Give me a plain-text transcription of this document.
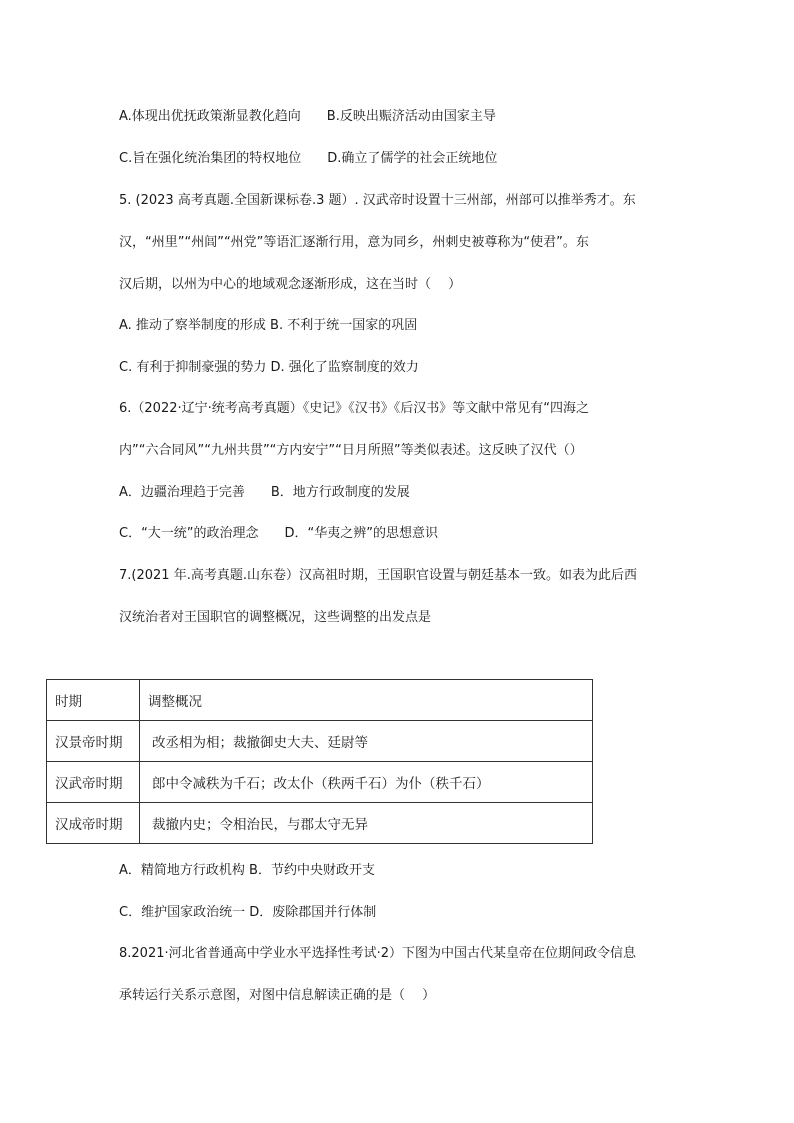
A.体现出优抚政策渐显教化趋向　　B.反映出赈济活动由国家主导
C.旨在强化统治集团的特权地位　　D.确立了儒学的社会正统地位
5. (2023 高考真题.全国新课标卷.3 题）. 汉武帝时设置十三州部，州部可以推举秀才。东
汉，“州里”“州闾”“州党”等语汇逐渐行用，意为同乡，州刺史被尊称为“使君”。东
汉后期，以州为中心的地域观念逐渐形成，这在当时（　 ）
A. 推动了察举制度的形成 B. 不利于统一国家的巩固
C. 有利于抑制豪强的势力 D. 强化了监察制度的效力
6.（2022·辽宁·统考高考真题）《史记》《汉书》《后汉书》等文献中常见有“四海之
内”“六合同风”“九州共贯”“方内安宁”“日月所照”等类似表述。这反映了汉代（）
A．边疆治理趋于完善　　B．地方行政制度的发展
C．“大一统”的政治理念　　D．“华夷之辨”的思想意识
7.(2021 年.高考真题.山东卷）汉高祖时期，王国职官设置与朝廷基本一致。如表为此后西
汉统治者对王国职官的调整概况，这些调整的出发点是
时期	调整概况
汉景帝时期	改丞相为相；裁撤御史大夫、廷尉等
汉武帝时期	郎中令减秩为千石；改太仆（秩两千石）为仆（秩千石）
汉成帝时期	裁撤内史；令相治民，与郡太守无异
A．精简地方行政机构 B．节约中央财政开支
C．维护国家政治统一 D．废除郡国并行体制
8.2021·河北省普通高中学业水平选择性考试·2）下图为中国古代某皇帝在位期间政令信息
承转运行关系示意图，对图中信息解读正确的是（　 ）
